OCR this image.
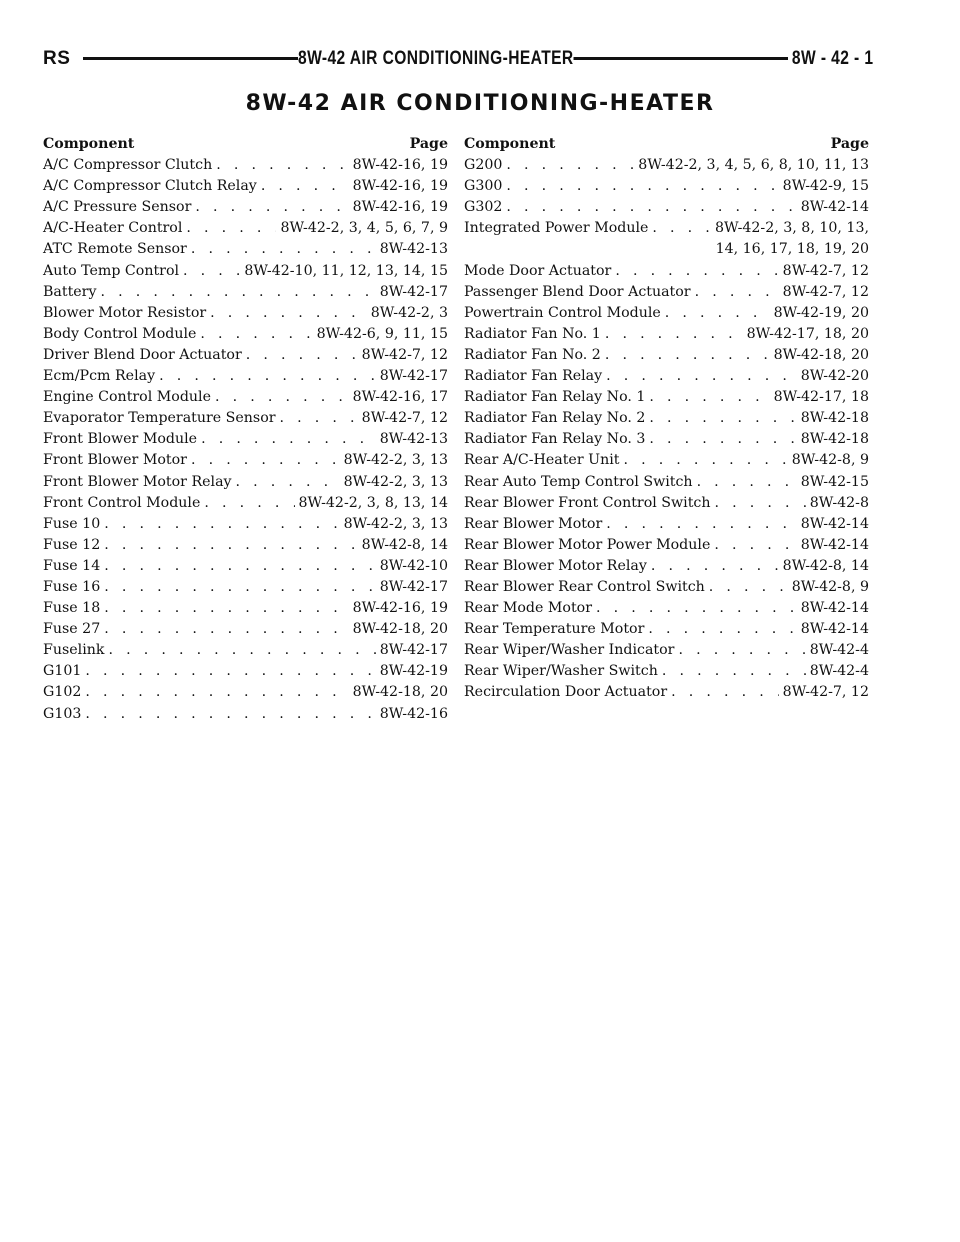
RS	8W-42 AIR CONDITIONING-HEATER	8W - 42 - 1
8W-42 AIR CONDITIONING-HEATER
Component	Page
A/C Compressor Clutch . . .	8W-42-16, 19
A/C Compressor Clutch Relay . . .	8W-42-16, 19
A/C Pressure Sensor . . .	8W-42-16, 19
A/C-Heater Control . . .	8W-42-2, 3, 4, 5, 6, 7, 9
ATC Remote Sensor . . .	8W-42-13
Auto Temp Control . . .	8W-42-10, 11, 12, 13, 14, 15
Battery . . .	8W-42-17
Blower Motor Resistor . . .	8W-42-2, 3
Body Control Module . . .	8W-42-6, 9, 11, 15
Driver Blend Door Actuator . . .	8W-42-7, 12
Ecm/Pcm Relay . . .	8W-42-17
Engine Control Module . . .	8W-42-16, 17
Evaporator Temperature Sensor . . .	8W-42-7, 12
Front Blower Module . . .	8W-42-13
Front Blower Motor . . .	8W-42-2, 3, 13
Front Blower Motor Relay . . .	8W-42-2, 3, 13
Front Control Module . . .	8W-42-2, 3, 8, 13, 14
Fuse 10 . . .	8W-42-2, 3, 13
Fuse 12 . . .	8W-42-8, 14
Fuse 14 . . .	8W-42-10
Fuse 16 . . .	8W-42-17
Fuse 18 . . .	8W-42-16, 19
Fuse 27 . . .	8W-42-18, 20
Fuselink . . .	8W-42-17
G101 . . .	8W-42-19
G102 . . .	8W-42-18, 20
G103 . . .	8W-42-16
Component	Page
G200 . . .	8W-42-2, 3, 4, 5, 6, 8, 10, 11, 13
G300 . . .	8W-42-9, 15
G302 . . .	8W-42-14
Integrated Power Module . . .	8W-42-2, 3, 8, 10, 13,
14, 16, 17, 18, 19, 20
Mode Door Actuator . . .	8W-42-7, 12
Passenger Blend Door Actuator . . .	8W-42-7, 12
Powertrain Control Module . . .	8W-42-19, 20
Radiator Fan No. 1 . . .	8W-42-17, 18, 20
Radiator Fan No. 2 . . .	8W-42-18, 20
Radiator Fan Relay . . .	8W-42-20
Radiator Fan Relay No. 1 . . .	8W-42-17, 18
Radiator Fan Relay No. 2 . . .	8W-42-18
Radiator Fan Relay No. 3 . . .	8W-42-18
Rear A/C-Heater Unit . . .	8W-42-8, 9
Rear Auto Temp Control Switch . . .	8W-42-15
Rear Blower Front Control Switch . . .	8W-42-8
Rear Blower Motor . . .	8W-42-14
Rear Blower Motor Power Module . . .	8W-42-14
Rear Blower Motor Relay . . .	8W-42-8, 14
Rear Blower Rear Control Switch . . .	8W-42-8, 9
Rear Mode Motor . . .	8W-42-14
Rear Temperature Motor . . .	8W-42-14
Rear Wiper/Washer Indicator . . .	8W-42-4
Rear Wiper/Washer Switch . . .	8W-42-4
Recirculation Door Actuator . . .	8W-42-7, 12
